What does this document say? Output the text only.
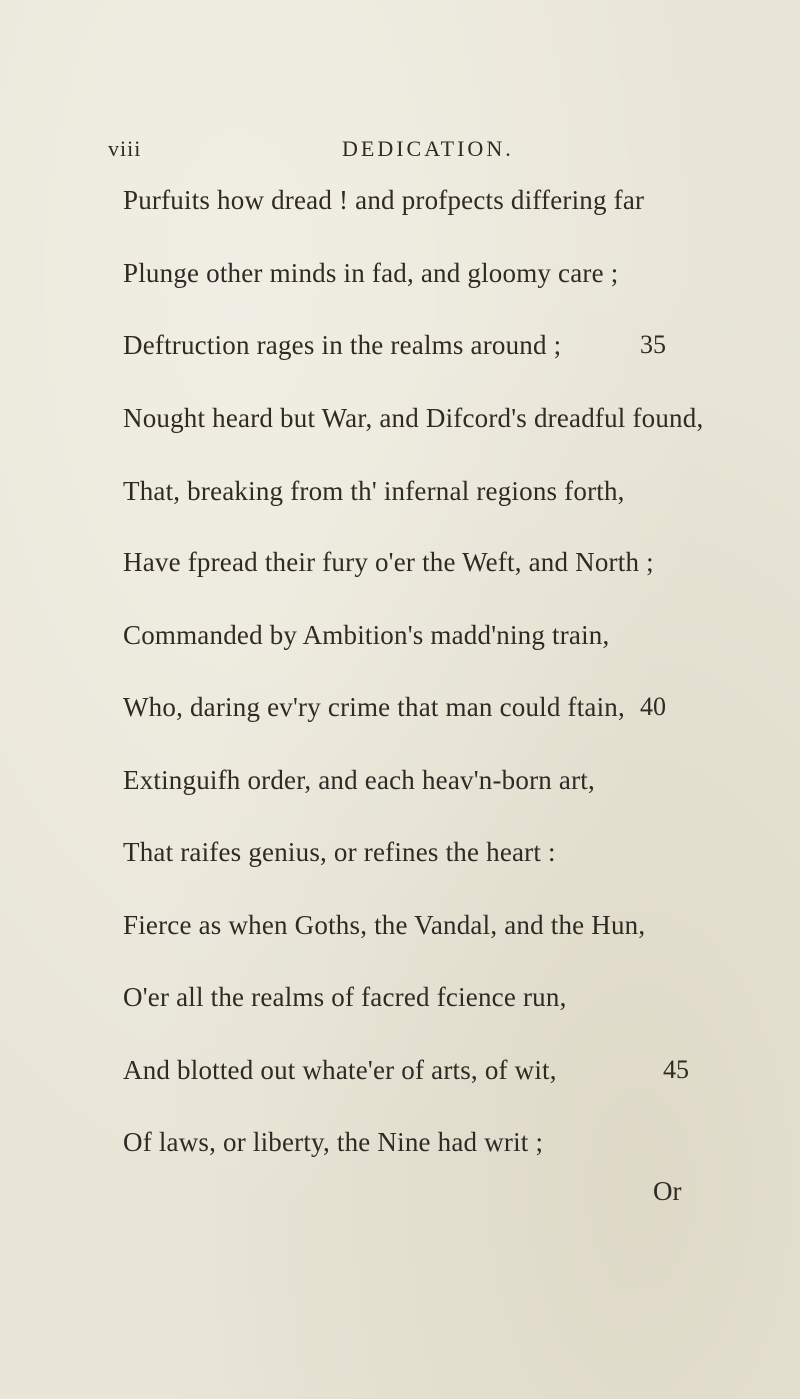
viii	DEDICATION.
Purfuits how dread ! and profpects differing far
Plunge other minds in fad, and gloomy care ;
Deftruction rages in the realms around ;	35
Nought heard but War, and Difcord's dreadful found,
That, breaking from th' infernal regions forth,
Have fpread their fury o'er the Weft, and North ;
Commanded by Ambition's madd'ning train,
Who, daring ev'ry crime that man could ftain, 40
Extinguifh order, and each heav'n-born art,
That raifes genius, or refines the heart :
Fierce as when Goths, the Vandal, and the Hun,
O'er all the realms of facred fcience run,
And blotted out whate'er of arts, of wit,	45
Of laws, or liberty, the Nine had writ ;
Or
